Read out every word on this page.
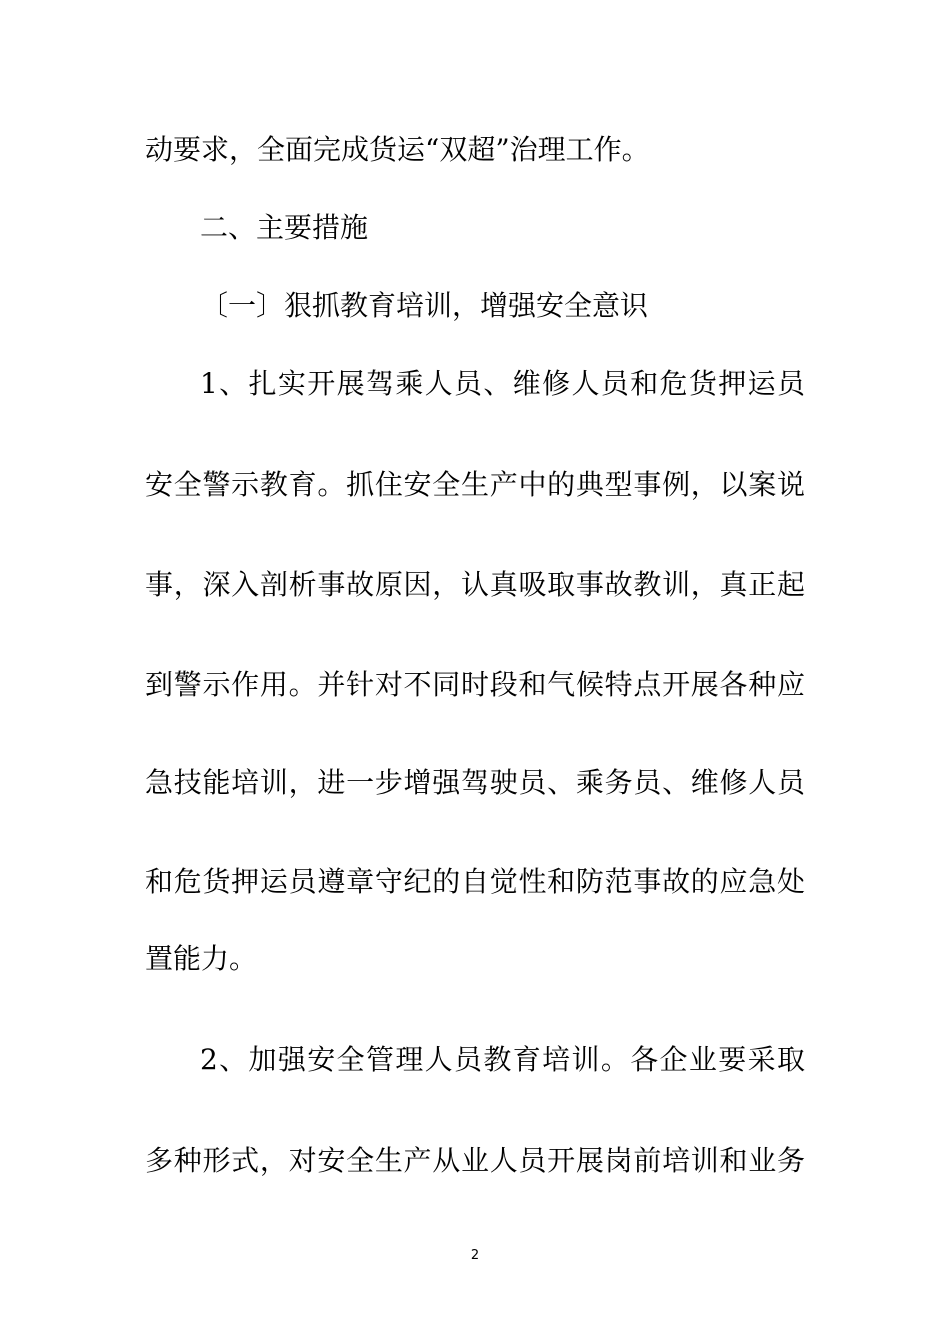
动要求，全面完成货运“双超”治理工作。
二、主要措施
〔一〕狠抓教育培训，增强安全意识
1、扎实开展驾乘人员、维修人员和危货押运员
安全警示教育。抓住安全生产中的典型事例，以案说
事，深入剖析事故原因，认真吸取事故教训，真正起
到警示作用。并针对不同时段和气候特点开展各种应
急技能培训，进一步增强驾驶员、乘务员、维修人员
和危货押运员遵章守纪的自觉性和防范事故的应急处
置能力。
2、加强安全管理人员教育培训。各企业要采取
多种形式，对安全生产从业人员开展岗前培训和业务
2
